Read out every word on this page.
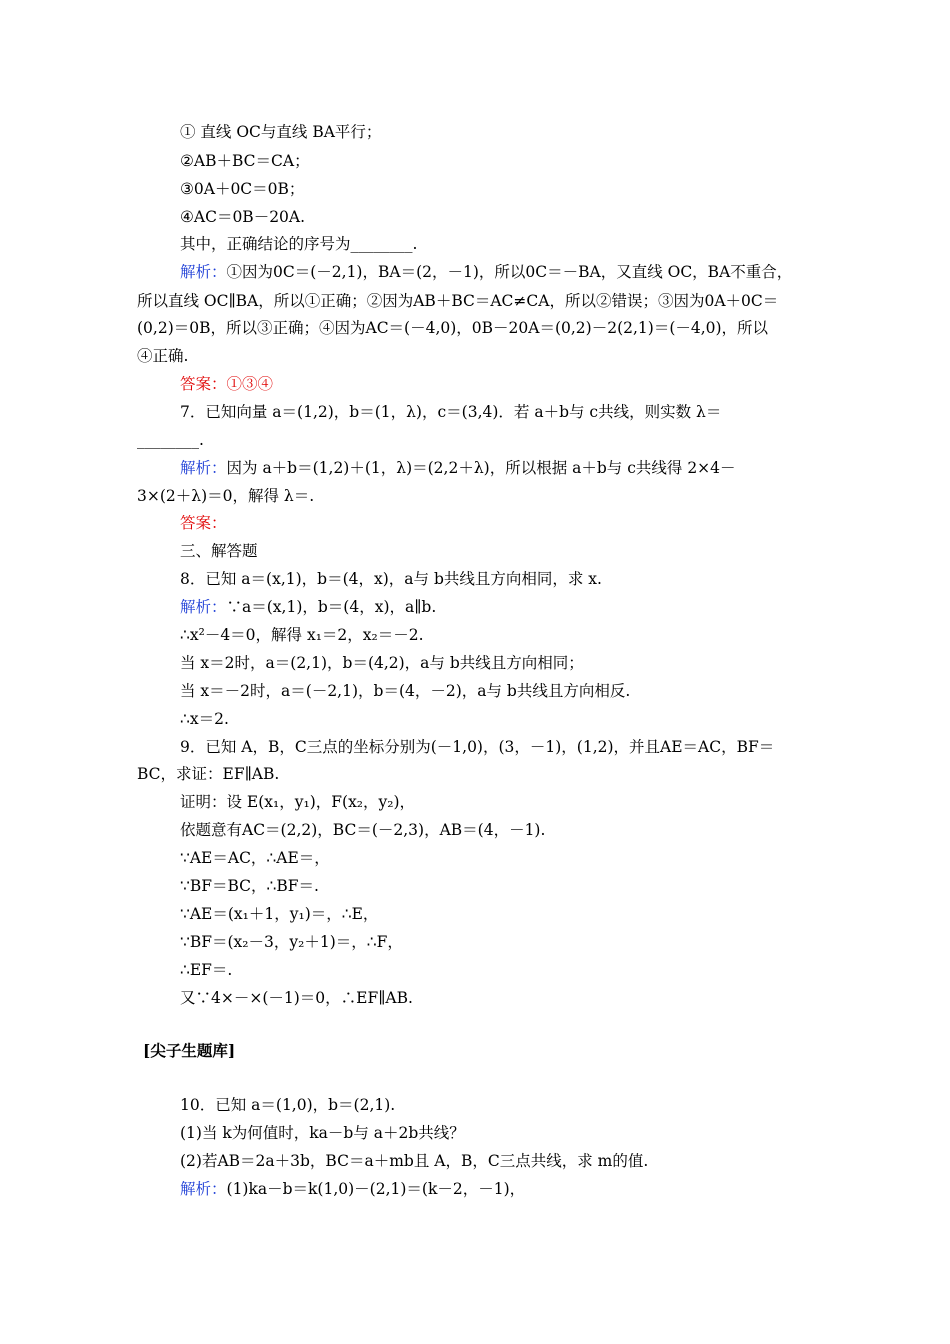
① 直线 OC与直线 BA平行；
②AB＋BC＝CA；
③0A＋0C＝0B；
④AC＝0B－20A.
其中，正确结论的序号为________.
解析：①因为0C＝(－2,1)，BA＝(2，－1)，所以0C＝－BA，又直线 OC，BA不重合，
所以直线 OC∥BA，所以①正确；②因为AB＋BC＝AC≠CA，所以②错误；③因为0A＋0C＝
(0,2)＝0B，所以③正确；④因为AC＝(－4,0)，0B－20A＝(0,2)－2(2,1)＝(－4,0)，所以
④正确.
答案：①③④
7．已知向量 a＝(1,2)，b＝(1，λ)，c＝(3,4)．若 a＋b与 c共线，则实数 λ＝
________.
解析：因为 a＋b＝(1,2)＋(1，λ)＝(2,2＋λ)，所以根据 a＋b与 c共线得 2×4－
3×(2＋λ)＝0，解得 λ＝.
答案：
三、解答题
8．已知 a＝(x,1)，b＝(4，x)，a与 b共线且方向相同，求 x.
解析：∵a＝(x,1)，b＝(4，x)，a∥b.
∴x²－4＝0，解得 x₁＝2，x₂＝－2.
当 x＝2时，a＝(2,1)，b＝(4,2)，a与 b共线且方向相同；
当 x＝－2时，a＝(－2,1)，b＝(4，－2)，a与 b共线且方向相反.
∴x＝2.
9．已知 A，B，C三点的坐标分别为(－1,0)，(3，－1)，(1,2)，并且AE＝AC，BF＝
BC，求证：EF∥AB.
证明：设 E(x₁，y₁)，F(x₂，y₂)，
依题意有AC＝(2,2)，BC＝(－2,3)，AB＝(4，－1).
∵AE＝AC，∴AE＝，
∵BF＝BC，∴BF＝.
∵AE＝(x₁＋1，y₁)＝，∴E，
∵BF＝(x₂－3，y₂＋1)＝，∴F，
∴EF＝.
又∵4×－×(－1)＝0，∴EF∥AB.
[尖子生题库]
10．已知 a＝(1,0)，b＝(2,1).
(1)当 k为何值时，ka－b与 a＋2b共线？
(2)若AB＝2a＋3b，BC＝a＋mb且 A，B，C三点共线，求 m的值.
解析：(1)ka－b＝k(1,0)－(2,1)＝(k－2，－1)，
